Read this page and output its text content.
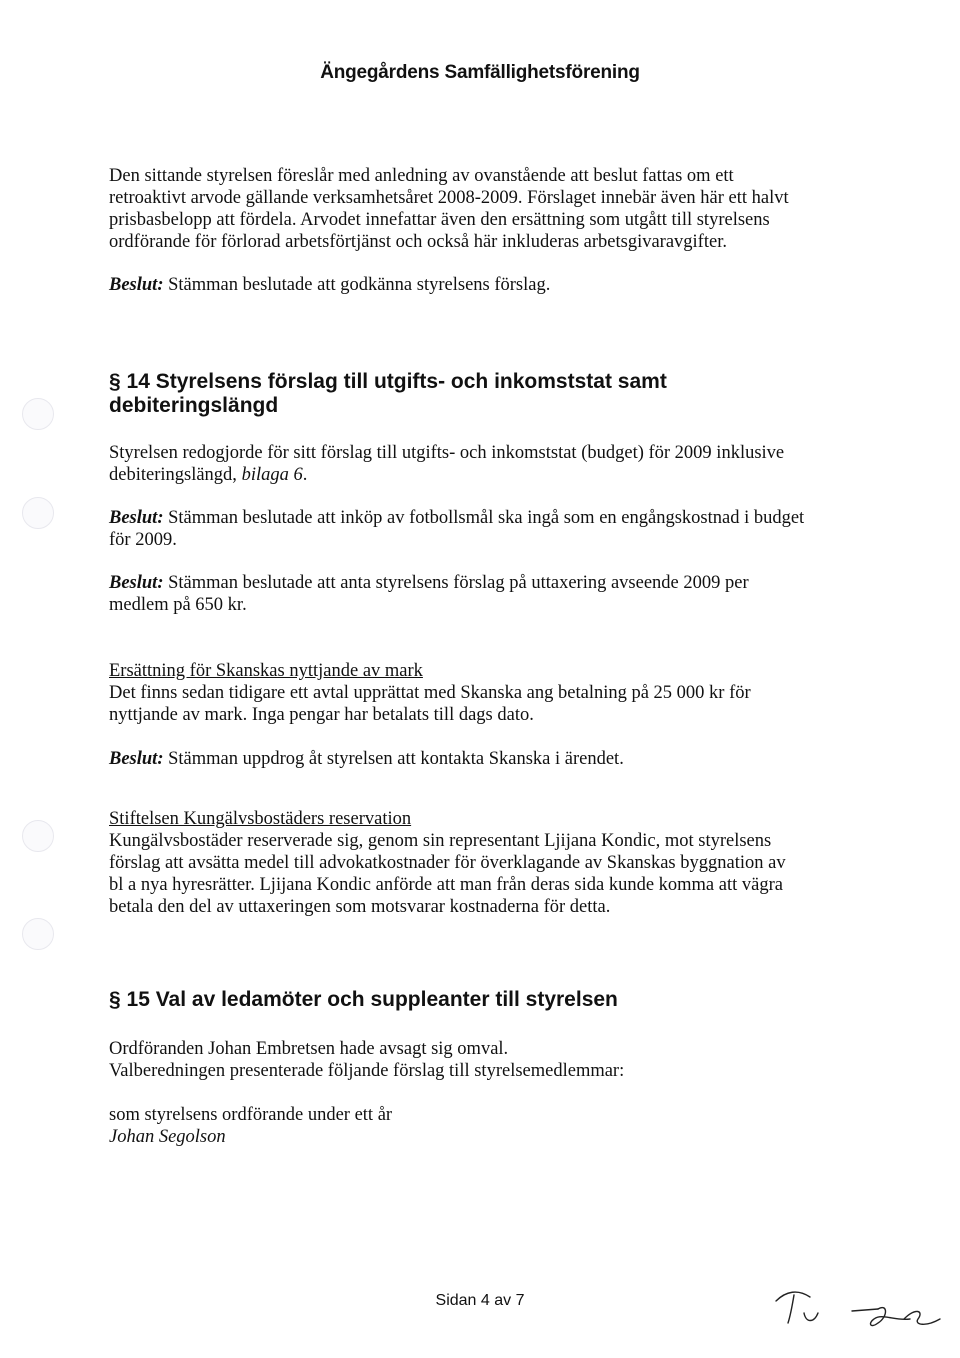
Ängegårdens Samfällighetsförening

Den sittande styrelsen föreslår med anledning av ovanstående att beslut fattas om ett

retroaktivt arvode gällande verksamhetsåret 2008-2009. Förslaget innebär även här ett halvt

prisbasbelopp att fördela. Arvodet innefattar även den ersättning som utgått till styrelsens

ordförande för förlorad arbetsförtjänst och också här inkluderas arbetsgivaravgifter.

Beslut: Stämman beslutade att godkänna styrelsens förslag.

§ 14 Styrelsens förslag till utgifts- och inkomststat samt

debiteringslängd

Styrelsen redogjorde för sitt förslag till utgifts- och inkomststat (budget) för 2009 inklusive

debiteringslängd, bilaga 6.

Beslut: Stämman beslutade att inköp av fotbollsmål ska ingå som en engångskostnad i budget

för 2009.

Beslut: Stämman beslutade att anta styrelsens förslag på uttaxering avseende 2009 per

medlem på 650 kr.

Ersättning för Skanskas nyttjande av mark

Det finns sedan tidigare ett avtal upprättat med Skanska ang betalning på 25 000 kr för

nyttjande av mark. Inga pengar har betalats till dags dato.

Beslut: Stämman uppdrog åt styrelsen att kontakta Skanska i ärendet.

Stiftelsen Kungälvsbostäders reservation

Kungälvsbostäder reserverade sig, genom sin representant Ljijana Kondic, mot styrelsens

förslag att avsätta medel till advokatkostnader för överklagande av Skanskas byggnation av

bl a nya hyresrätter. Ljijana Kondic anförde att man från deras sida kunde komma att vägra

betala den del av uttaxeringen som motsvarar kostnaderna för detta.

§ 15 Val av ledamöter och suppleanter till styrelsen

Ordföranden Johan Embretsen hade avsagt sig omval.

Valberedningen presenterade följande förslag till styrelsemedlemmar:

som styrelsens ordförande under ett år

Johan Segolson

Sidan 4 av 7
